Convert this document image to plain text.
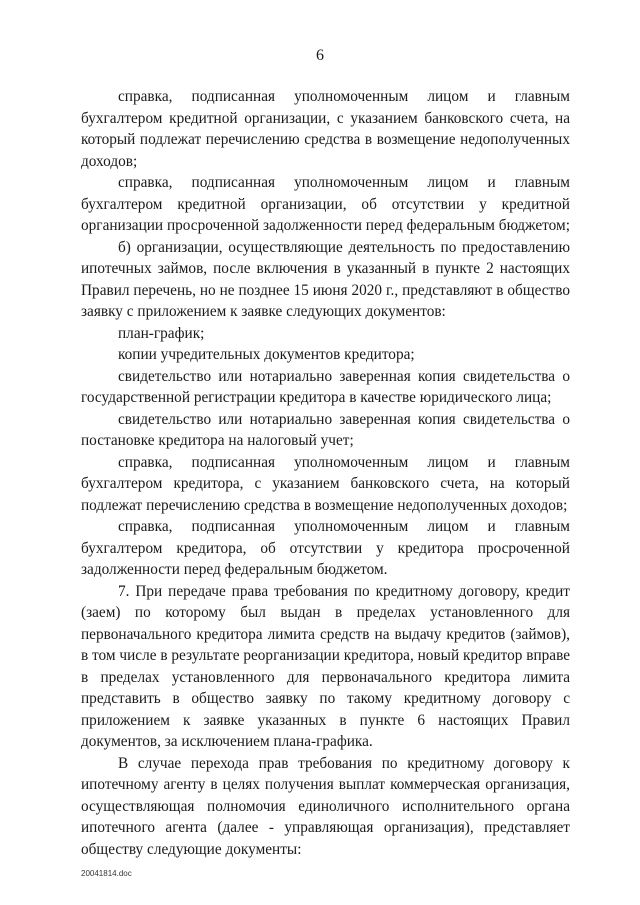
6

справка, подписанная уполномоченным лицом и главным бухгалтером кредитной организации, с указанием банковского счета, на который подлежат перечислению средства в возмещение недополученных доходов;

справка, подписанная уполномоченным лицом и главным бухгалтером кредитной организации, об отсутствии у кредитной организации просроченной задолженности перед федеральным бюджетом;

б) организации, осуществляющие деятельность по предоставлению ипотечных займов, после включения в указанный в пункте 2 настоящих Правил перечень, но не позднее 15 июня 2020 г., представляют в общество заявку с приложением к заявке следующих документов:

план-график;

копии учредительных документов кредитора;

свидетельство или нотариально заверенная копия свидетельства о государственной регистрации кредитора в качестве юридического лица;

свидетельство или нотариально заверенная копия свидетельства о постановке кредитора на налоговый учет;

справка, подписанная уполномоченным лицом и главным бухгалтером кредитора, с указанием банковского счета, на который подлежат перечислению средства в возмещение недополученных доходов;

справка, подписанная уполномоченным лицом и главным бухгалтером кредитора, об отсутствии у кредитора просроченной задолженности перед федеральным бюджетом.

7. При передаче права требования по кредитному договору, кредит (заем) по которому был выдан в пределах установленного для первоначального кредитора лимита средств на выдачу кредитов (займов), в том числе в результате реорганизации кредитора, новый кредитор вправе в пределах установленного для первоначального кредитора лимита представить в общество заявку по такому кредитному договору с приложением к заявке указанных в пункте 6 настоящих Правил документов, за исключением плана-графика.

В случае перехода прав требования по кредитному договору к ипотечному агенту в целях получения выплат коммерческая организация, осуществляющая полномочия единоличного исполнительного органа ипотечного агента (далее - управляющая организация), представляет обществу следующие документы:

20041814.doc
